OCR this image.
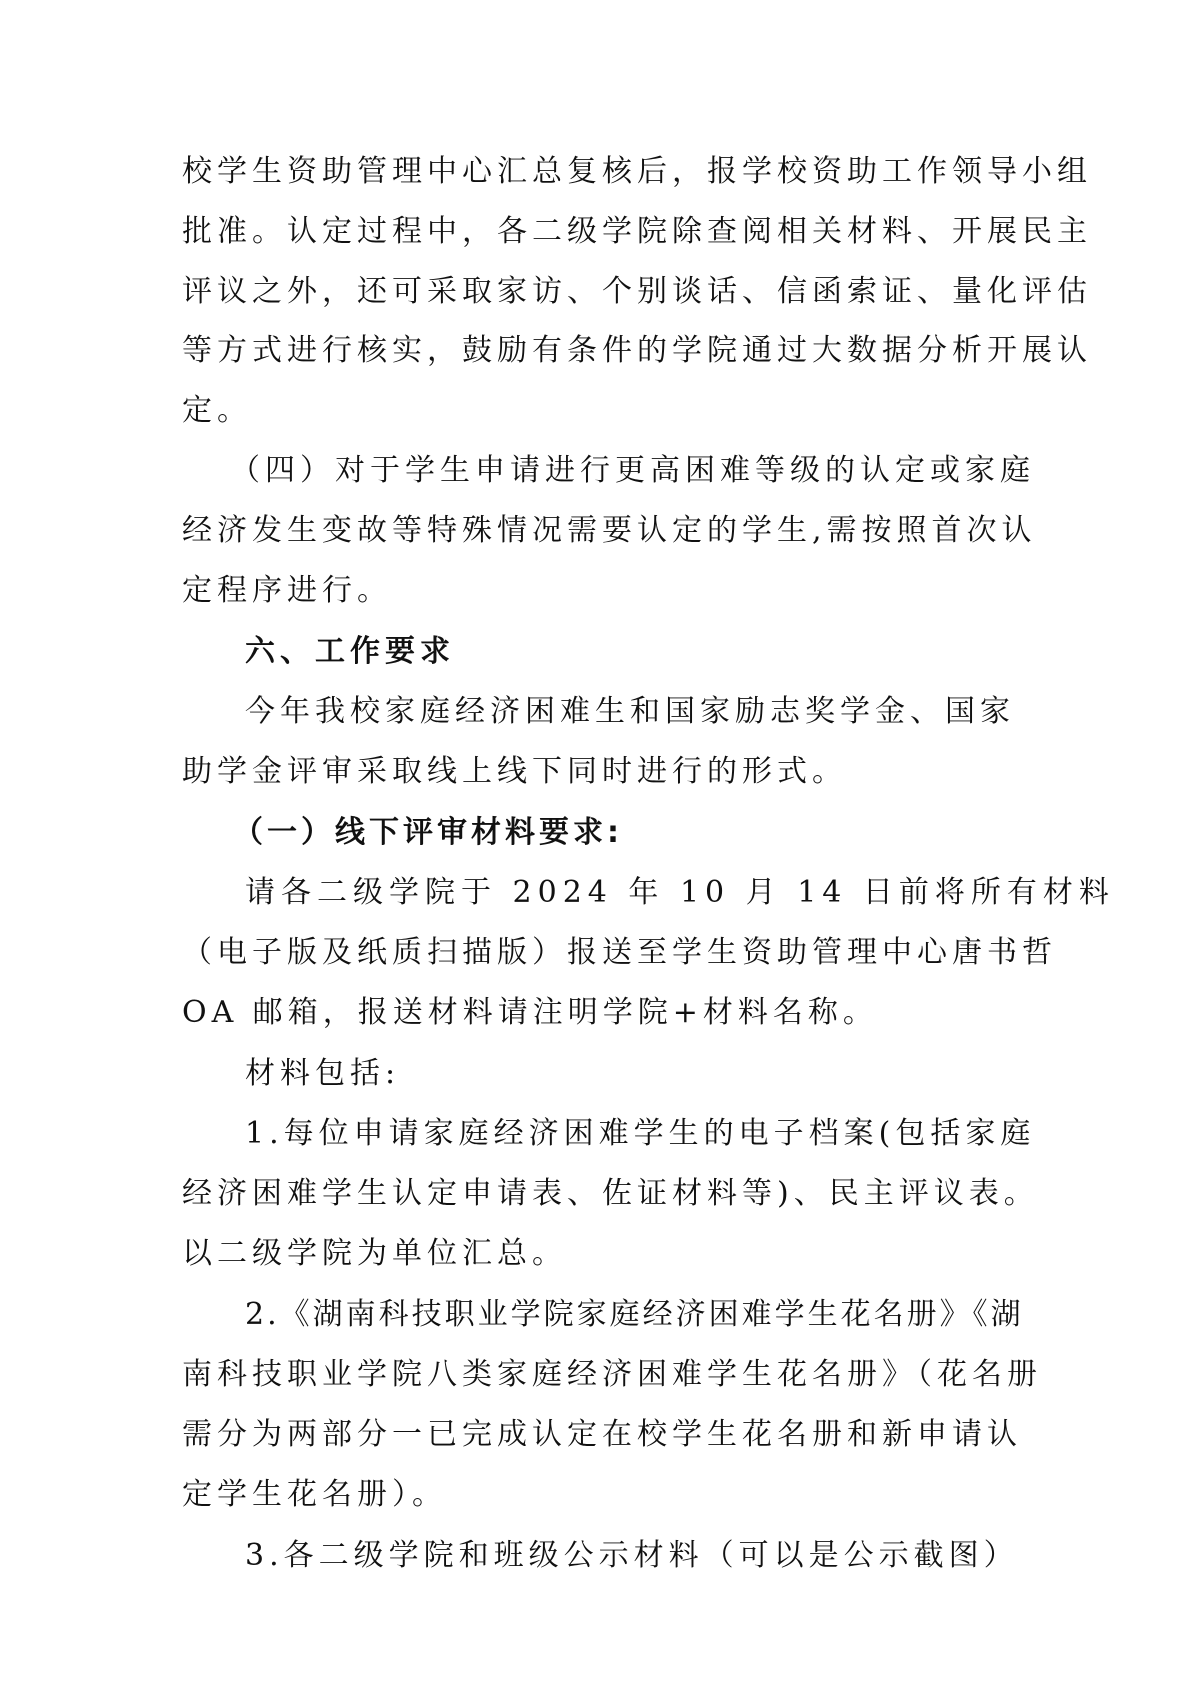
校学生资助管理中心汇总复核后，报学校资助工作领导小组
批准。认定过程中，各二级学院除查阅相关材料、开展民主
评议之外，还可采取家访、个别谈话、信函索证、量化评估
等方式进行核实，鼓励有条件的学院通过大数据分析开展认
定。
（四）对于学生申请进行更高困难等级的认定或家庭
经济发生变故等特殊情况需要认定的学生,需按照首次认
定程序进行。
六、工作要求
今年我校家庭经济困难生和国家励志奖学金、国家
助学金评审采取线上线下同时进行的形式。
（一）线下评审材料要求:
请各二级学院于 2024 年 10 月 14 日前将所有材料
（电子版及纸质扫描版）报送至学生资助管理中心唐书哲
OA 邮箱，报送材料请注明学院+材料名称。
材料包括:
1.每位申请家庭经济困难学生的电子档案(包括家庭
经济困难学生认定申请表、佐证材料等)、民主评议表。
以二级学院为单位汇总。
2.《湖南科技职业学院家庭经济困难学生花名册》《湖
南科技职业学院八类家庭经济困难学生花名册》（花名册
需分为两部分一已完成认定在校学生花名册和新申请认
定学生花名册）。
3.各二级学院和班级公示材料（可以是公示截图）
